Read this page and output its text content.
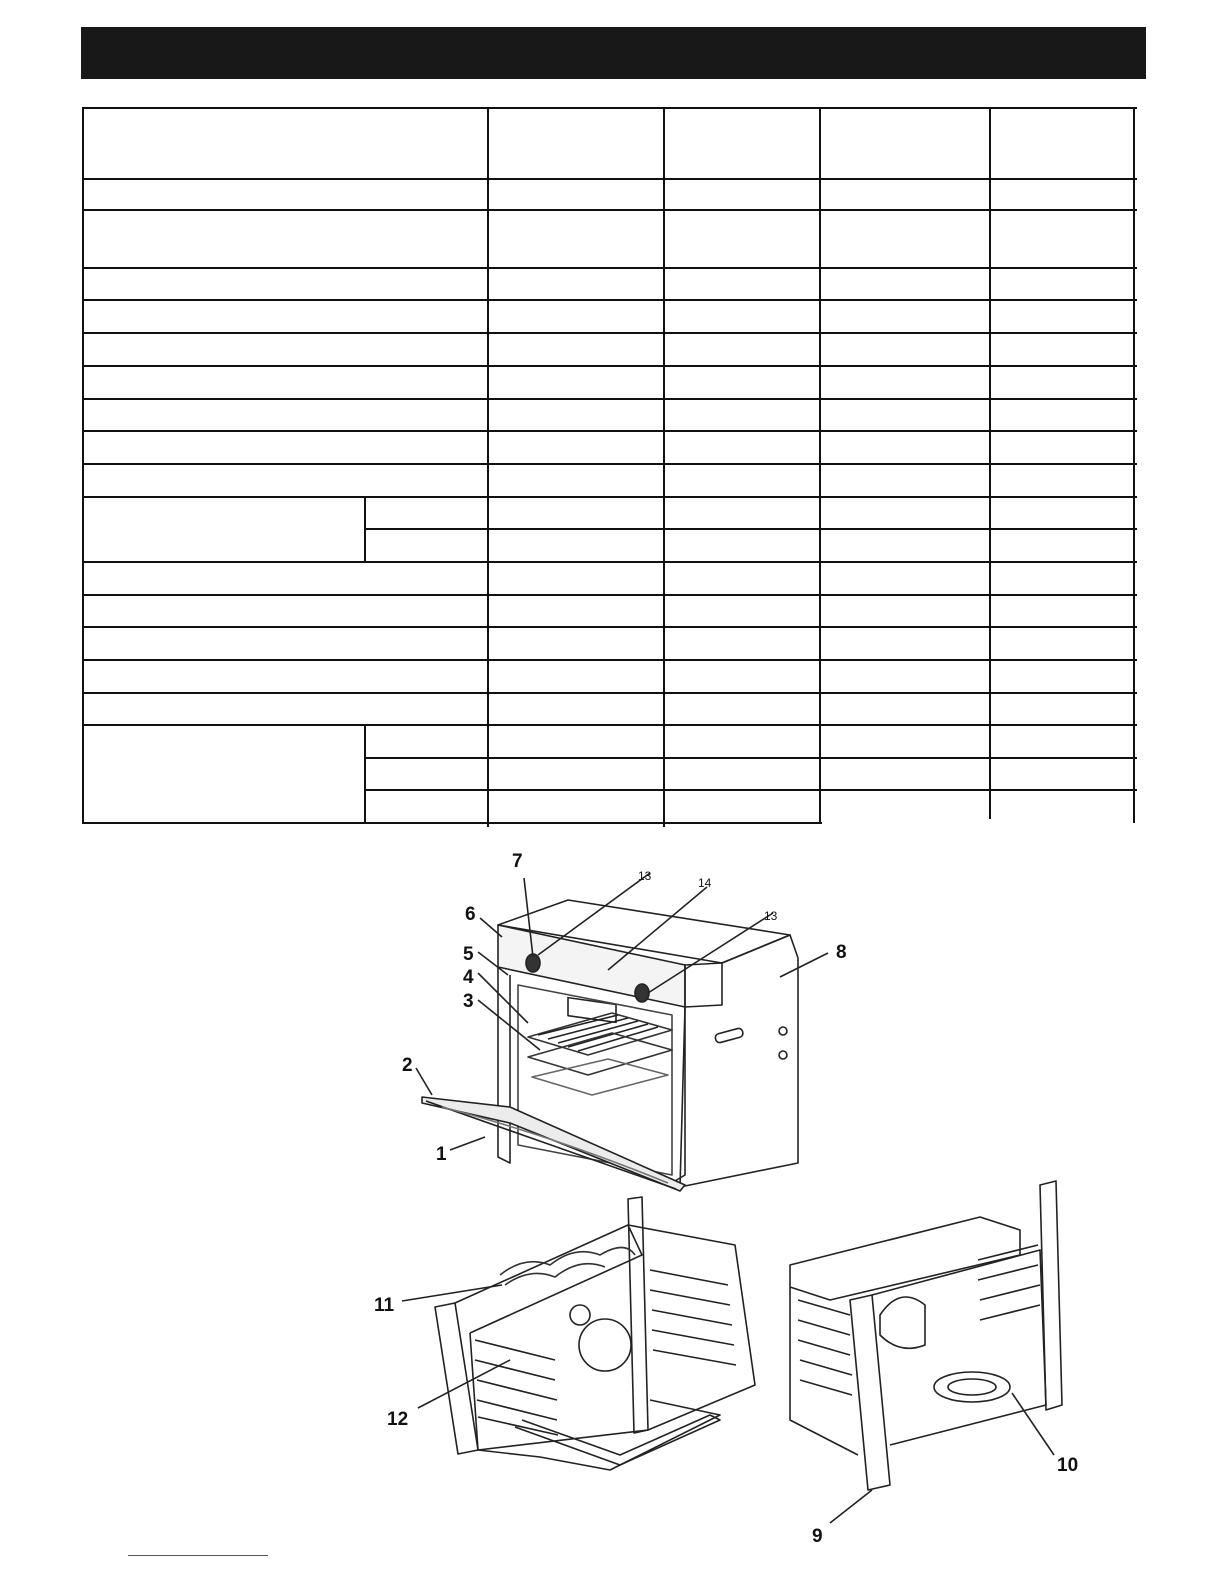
7
13	14
13
6
5
4
3
2
1
8
11
12
9
10
